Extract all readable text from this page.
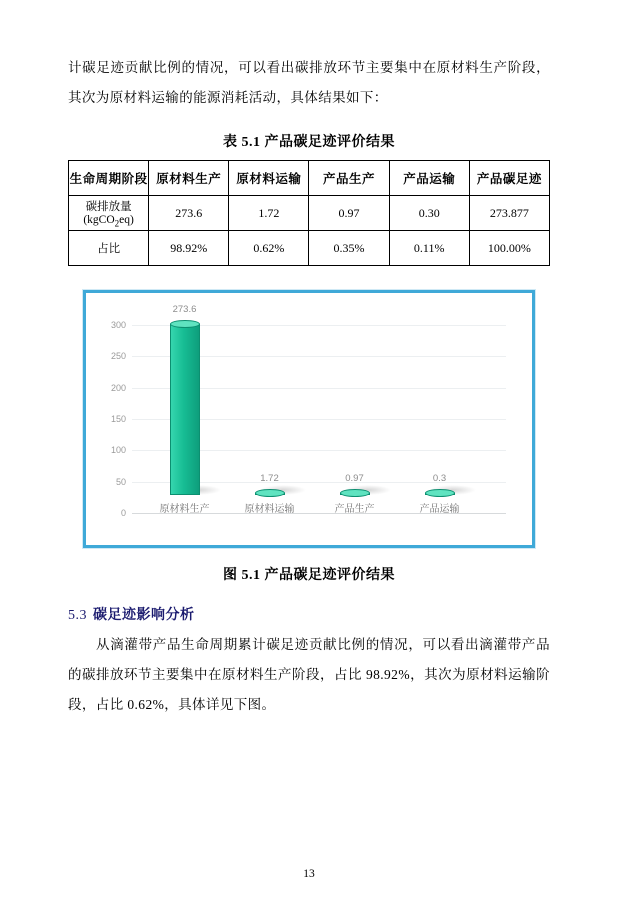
计碳足迹贡献比例的情况，可以看出碳排放环节主要集中在原材料生产阶段，其次为原材料运输的能源消耗活动，具体结果如下：

表 5.1 产品碳足迹评价结果
生命周期阶段	原材料生产	原材料运输	产品生产	产品运输	产品碳足迹
碳排放量(kgCO$_2$eq)	273.6	1.72	0.97	0.30	273.877
占比	98.92%	0.62%	0.35%	0.11%	100.00%
0
50
100
150
200
250
300
273.6
原材料生产
1.72
原材料运输
0.97
产品生产
0.3
产品运输
图 5.1 产品碳足迹评价结果
5.3 碳足迹影响分析

从滴灌带产品生命周期累计碳足迹贡献比例的情况，可以看出滴灌带产品的碳排放环节主要集中在原材料生产阶段，占比 98.92%，其次为原材料运输阶段，占比 0.62%，具体详见下图。

13
